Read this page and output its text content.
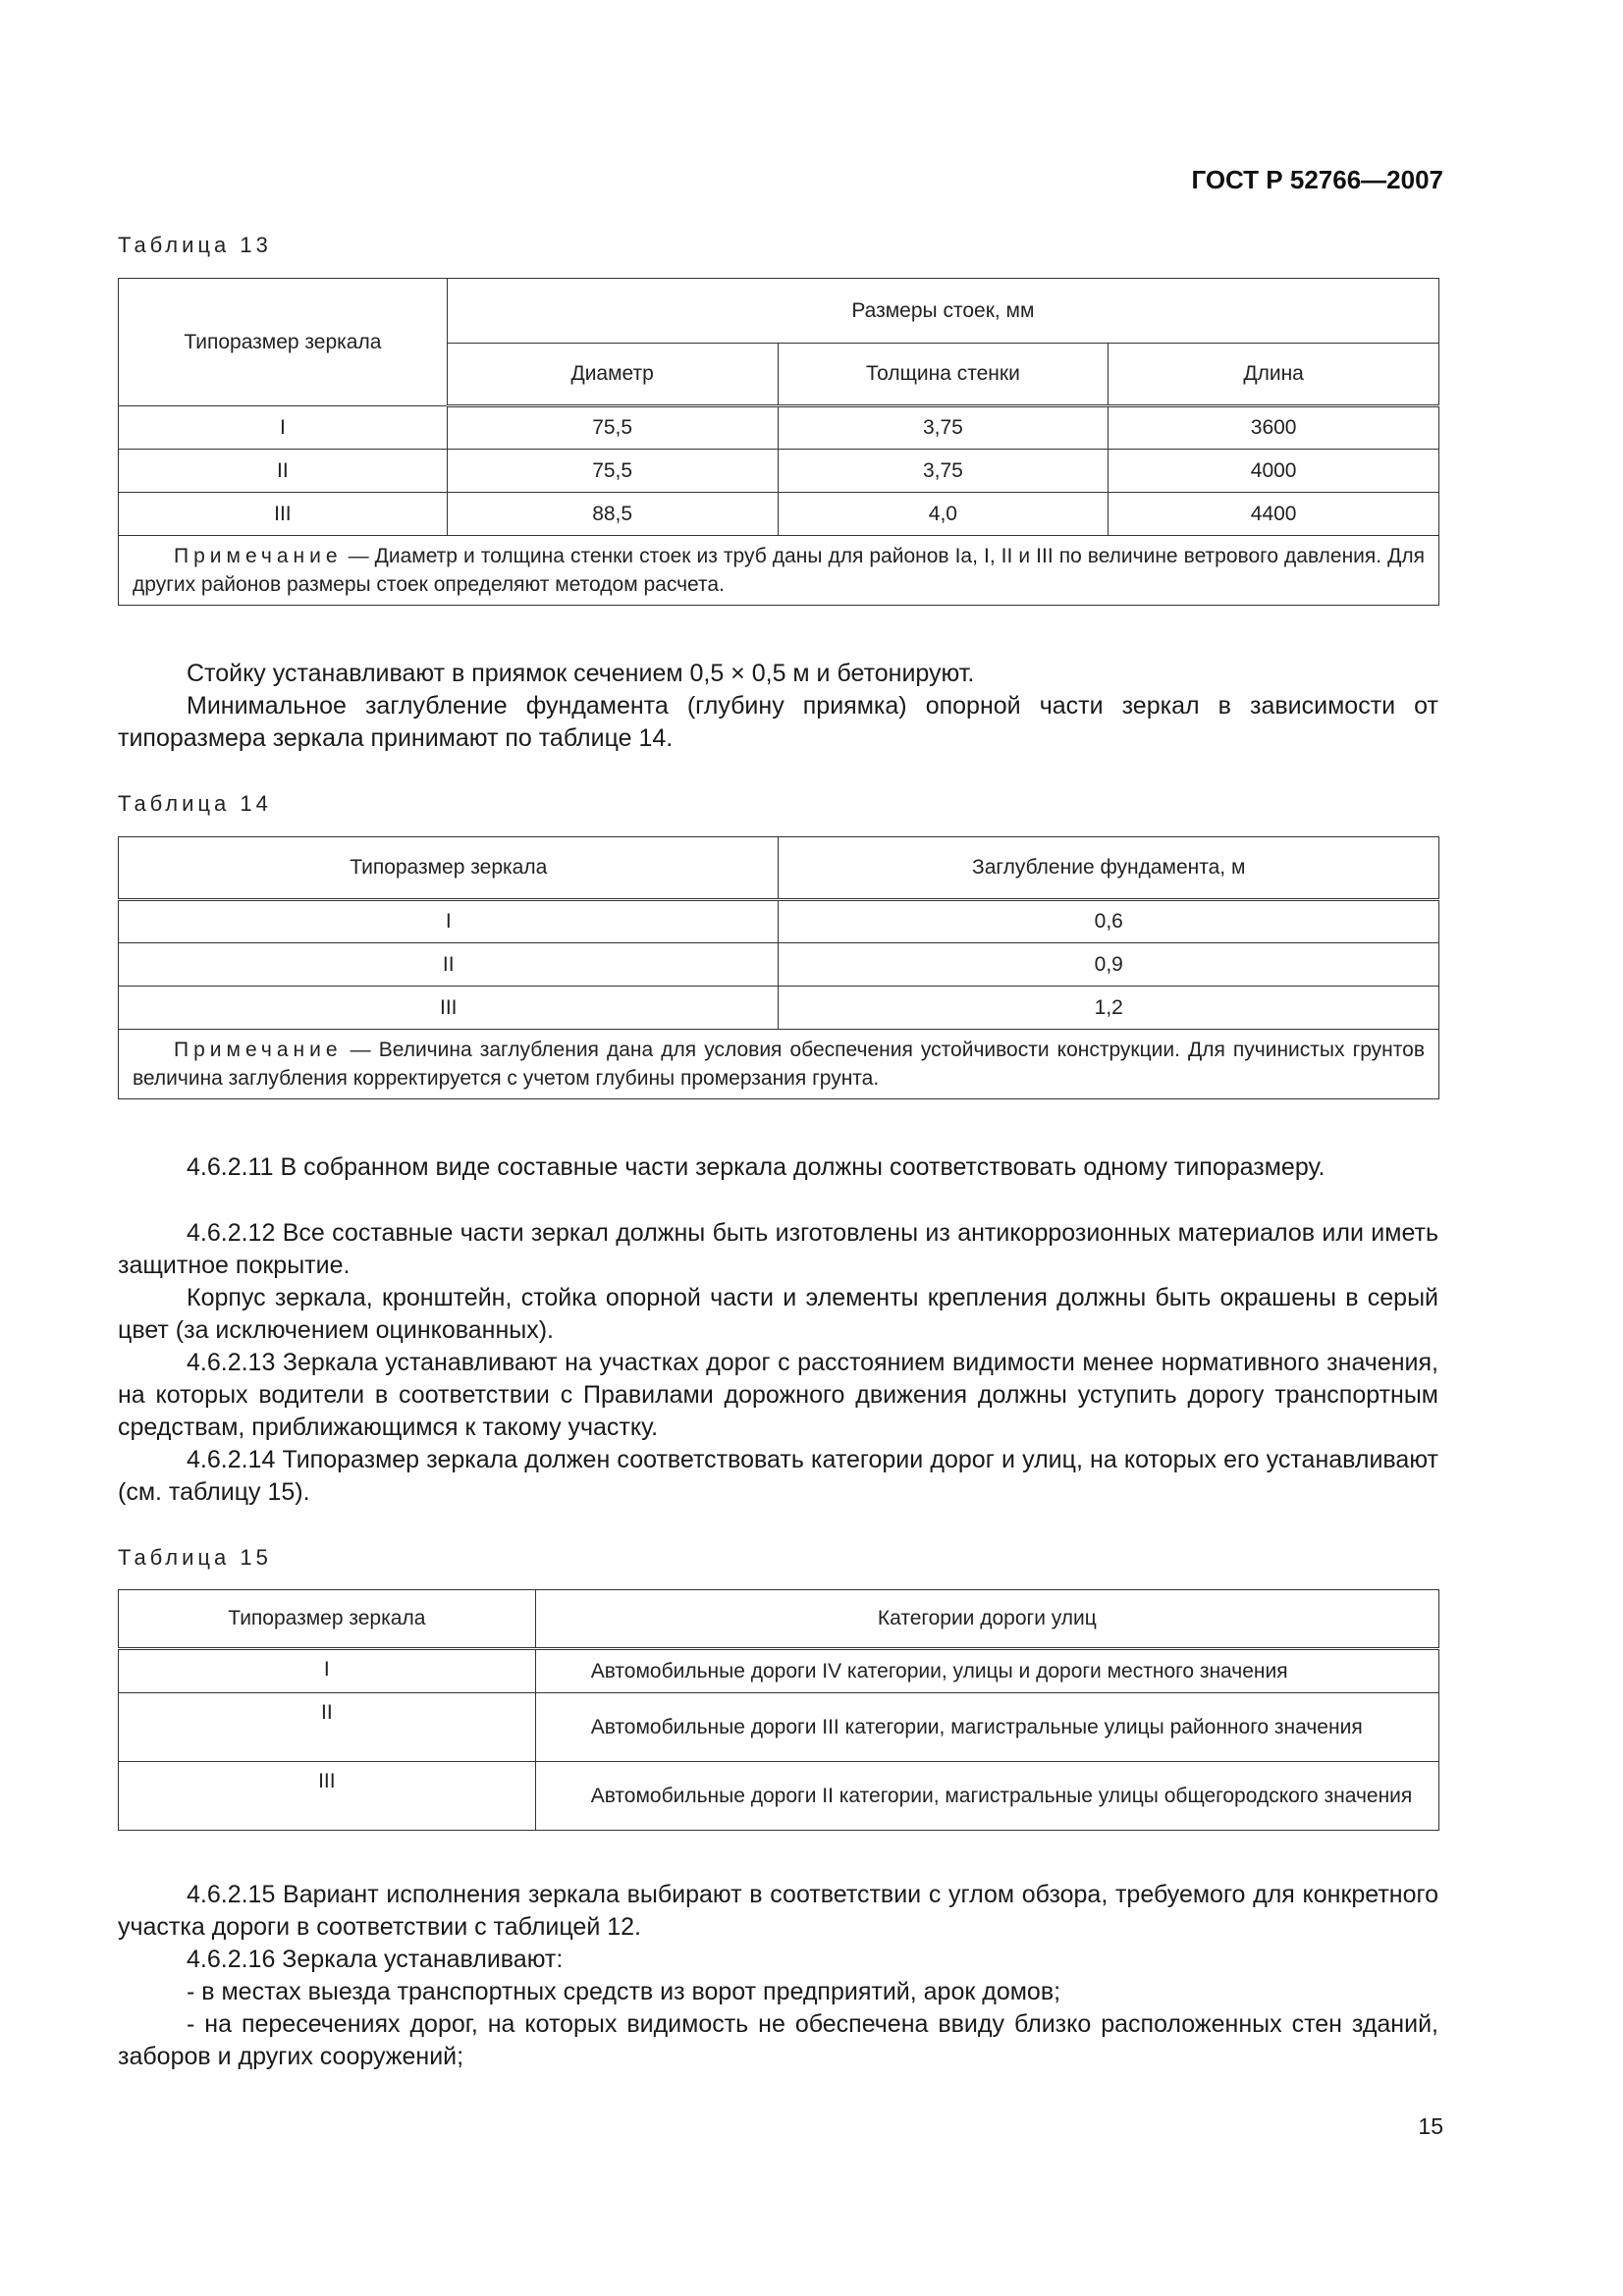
ГОСТ Р 52766—2007
Таблица 13
Типоразмер зеркала	Размеры стоек, мм		
	Диаметр	Толщина стенки	Длина
I	75,5	3,75	3600
II	75,5	3,75	4000
III	88,5	4,0	4400
Примечание — Диаметр и толщина стенки стоек из труб даны для районов Iа, I, II и III по величине ветрового давления. Для других районов размеры стоек определяют методом расчета.			
Стойку устанавливают в приямок сечением 0,5 × 0,5 м и бетонируют.
Минимальное заглубление фундамента (глубину приямка) опорной части зеркал в зависимости от типоразмера зеркала принимают по таблице 14.
Таблица 14
Типоразмер зеркала	Заглубление фундамента, м
I	0,6
II	0,9
III	1,2
Примечание — Величина заглубления дана для условия обеспечения устойчивости конструкции. Для пучинистых грунтов величина заглубления корректируется с учетом глубины промерзания грунта.	
4.6.2.11 В собранном виде составные части зеркала должны соответствовать одному типоразмеру.
4.6.2.12 Все составные части зеркал должны быть изготовлены из антикоррозионных материалов или иметь защитное покрытие.
Корпус зеркала, кронштейн, стойка опорной части и элементы крепления должны быть окрашены в серый цвет (за исключением оцинкованных).
4.6.2.13 Зеркала устанавливают на участках дорог с расстоянием видимости менее нормативного значения, на которых водители в соответствии с Правилами дорожного движения должны уступить дорогу транспортным средствам, приближающимся к такому участку.
4.6.2.14 Типоразмер зеркала должен соответствовать категории дорог и улиц, на которых его устанавливают (см. таблицу 15).
Таблица 15
Типоразмер зеркала	Категории дороги улиц
I	Автомобильные дороги IV категории, улицы и дороги местного значения
II	Автомобильные дороги III категории, магистральные улицы районного значения
III	Автомобильные дороги II категории, магистральные улицы общегородского значения
4.6.2.15 Вариант исполнения зеркала выбирают в соответствии с углом обзора, требуемого для конкретного участка дороги в соответствии с таблицей 12.
4.6.2.16 Зеркала устанавливают:
- в местах выезда транспортных средств из ворот предприятий, арок домов;
- на пересечениях дорог, на которых видимость не обеспечена ввиду близко расположенных стен зданий, заборов и других сооружений;
15
